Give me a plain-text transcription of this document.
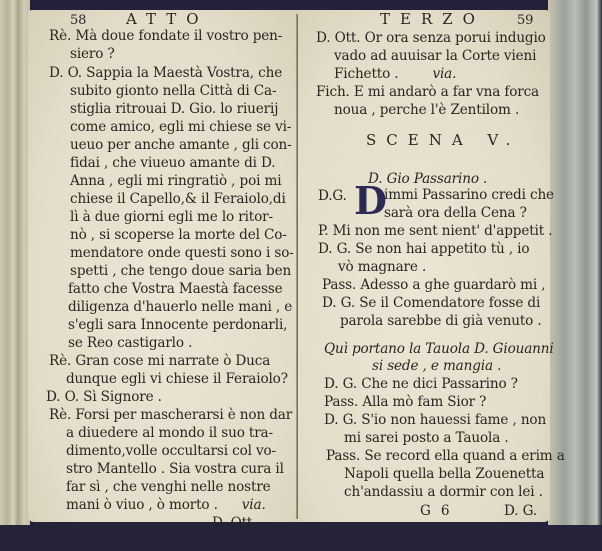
58	ATTO
Rè. Mà doue fondate il vostro pen-
siero ?
D. O. Sappia la Maestà Vostra, che
subito gionto nella Città di Ca-
stiglia ritrouai D. Gio. lo riuerij
come amico, egli mi chiese se vi-
ueuo per anche amante , gli con-
fidai , che viueuo amante di D.
Anna , egli mi ringratiò , poi mi
chiese il Capello,& il Feraiolo,di
lì à due giorni egli me lo ritor-
nò , si scoperse la morte del Co-
mendatore onde questi sono i so-
spetti , che tengo doue saria ben
fatto che Vostra Maestà facesse
diligenza d'hauerlo nelle mani , e
s'egli sara Innocente perdonarli,
se Reo castigarlo .
Rè. Gran cose mi narrate ò Duca
dunque egli vi chiese il Feraiolo?
D. O. Sì Signore .
Rè. Forsi per mascherarsi è non dar
a diuedere al mondo il suo tra-
dimento,volle occultarsi col vo-
stro Mantello . Sia vostra cura il
far sì , che venghi nelle nostre
mani ò viuo , ò morto . via.
D. Ott.
TERZO 59
D. Ott. Or ora senza porui indugio
vado ad auuisar la Corte vieni
Fichetto .	via.
Fich. E mi andarò a far vna forca
noua , perche l'è Zentilom .
SCENA V.
D. Gio Passarino .
D.G. D
immi Passarino credi che
sarà ora della Cena ?
P. Mi non me sent nient' d'appetit .
D. G. Se non hai appetito tù , io
vò magnare .
Pass. Adesso a ghe guardarò mi ,
D. G. Se il Comendatore fosse di
parola sarebbe di già venuto .
Quì portano la Tauola D. Giouanni
si sede , e mangia .
D. G. Che ne dici Passarino ?
Pass. Alla mò fam Sior ?
D. G. S'io non hauessi fame , non
mi sarei posto a Tauola .
Pass. Se record ella quand a erim a
Napoli quella bella Zouenetta
ch'andassiu a dormir con lei .
G 6	D. G.
